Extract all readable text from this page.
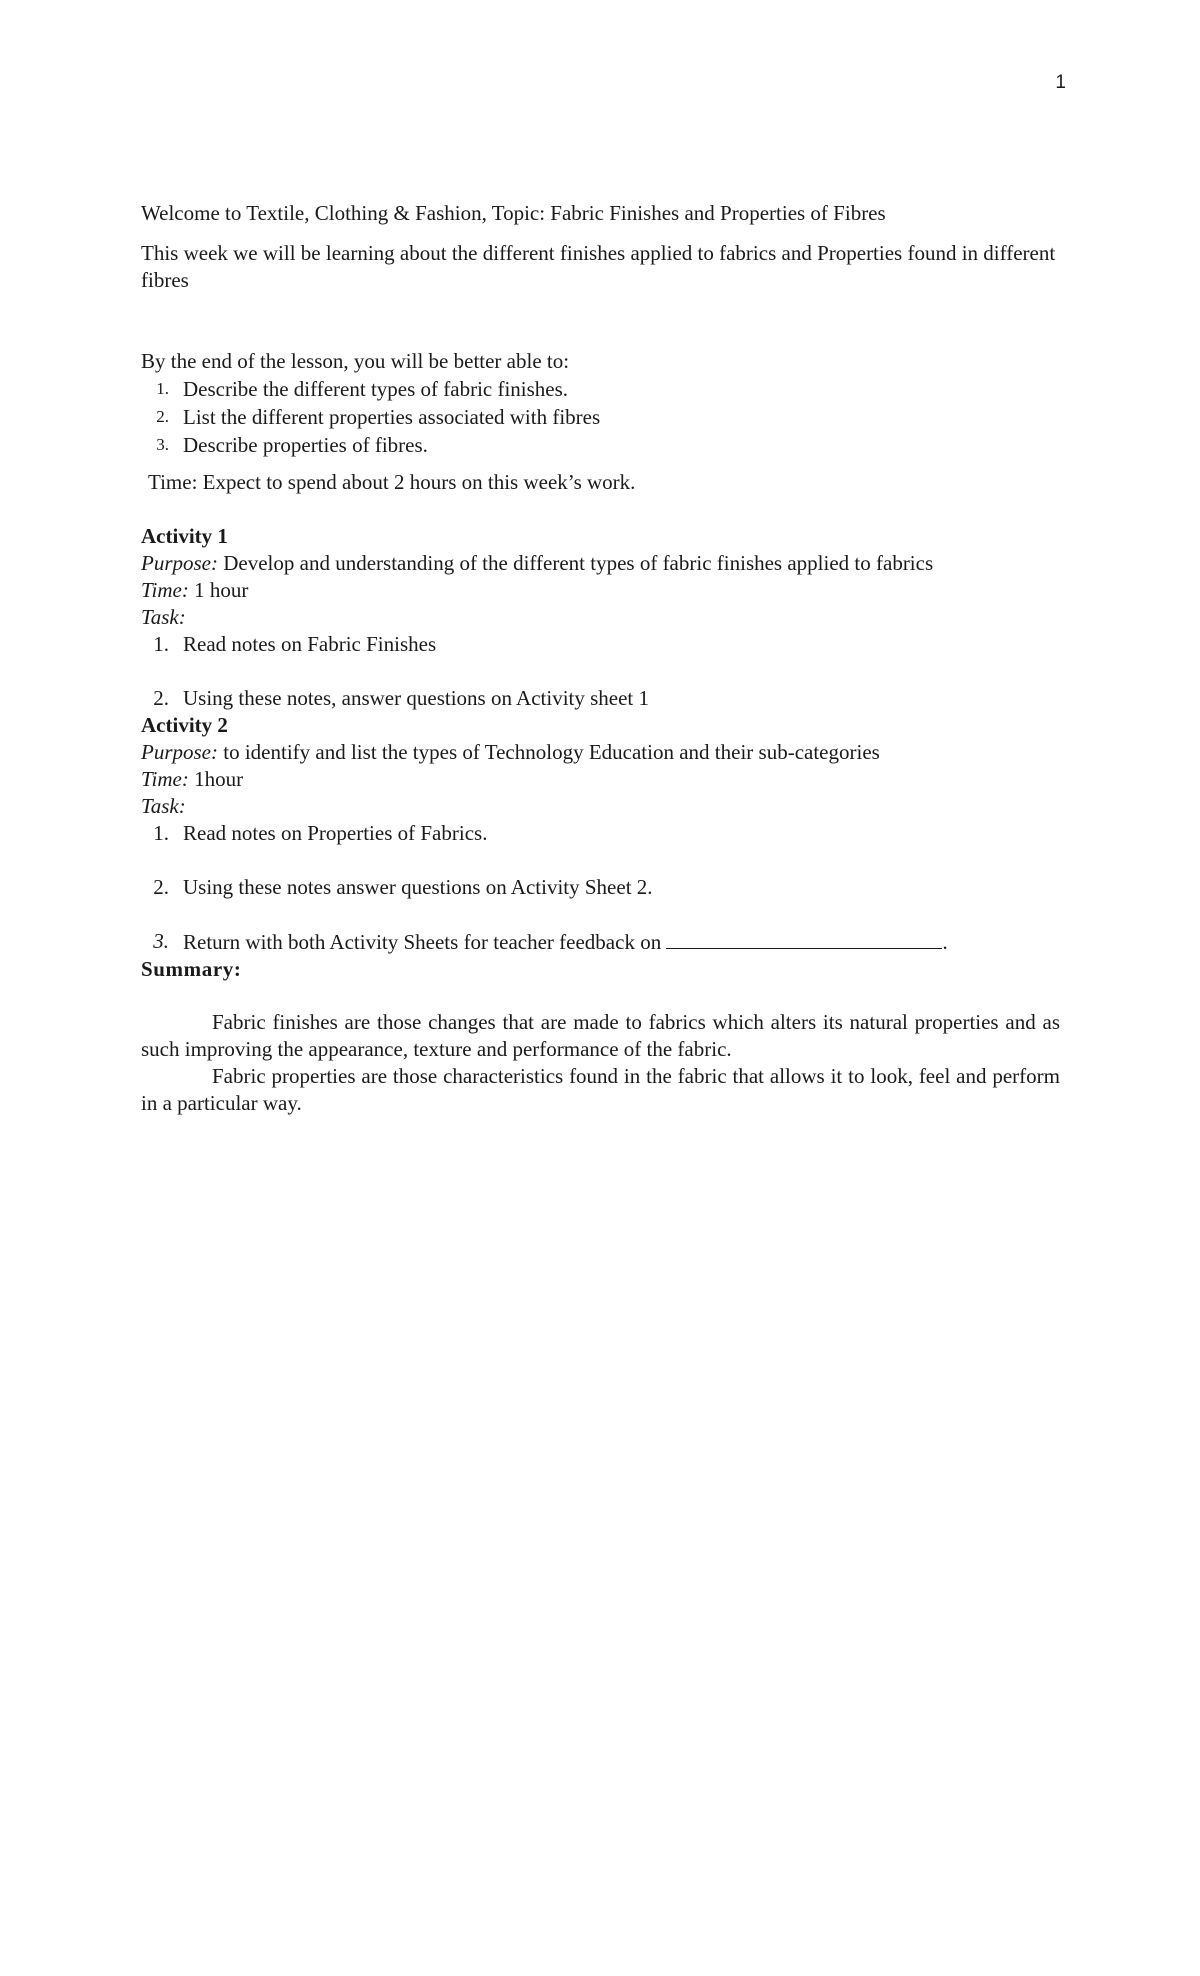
1

Welcome to Textile, Clothing & Fashion, Topic: Fabric Finishes and Properties of Fibres

This week we will be learning about the different finishes applied to fabrics and Properties found in different fibres

By the end of the lesson, you will be better able to:

1. Describe the different types of fabric finishes.
2. List the different properties associated with fibres
3. Describe properties of fibres.

Time: Expect to spend about 2 hours on this week’s work.

Activity 1

Purpose: Develop and understanding of the different types of fabric finishes applied to fabrics

Time: 1 hour

Task:

1. Read notes on Fabric Finishes
2. Using these notes, answer questions on Activity sheet 1

Activity 2

Purpose: to identify and list the types of Technology Education and their sub-categories

Time: 1hour

Task:

1. Read notes on Properties of Fabrics.
2. Using these notes answer questions on Activity Sheet 2.
3. Return with both Activity Sheets for teacher feedback on	.

Summary:

Fabric finishes are those changes that are made to fabrics which alters its natural properties and as such improving the appearance, texture and performance of the fabric.

Fabric properties are those characteristics found in the fabric that allows it to look, feel and perform in a particular way.
